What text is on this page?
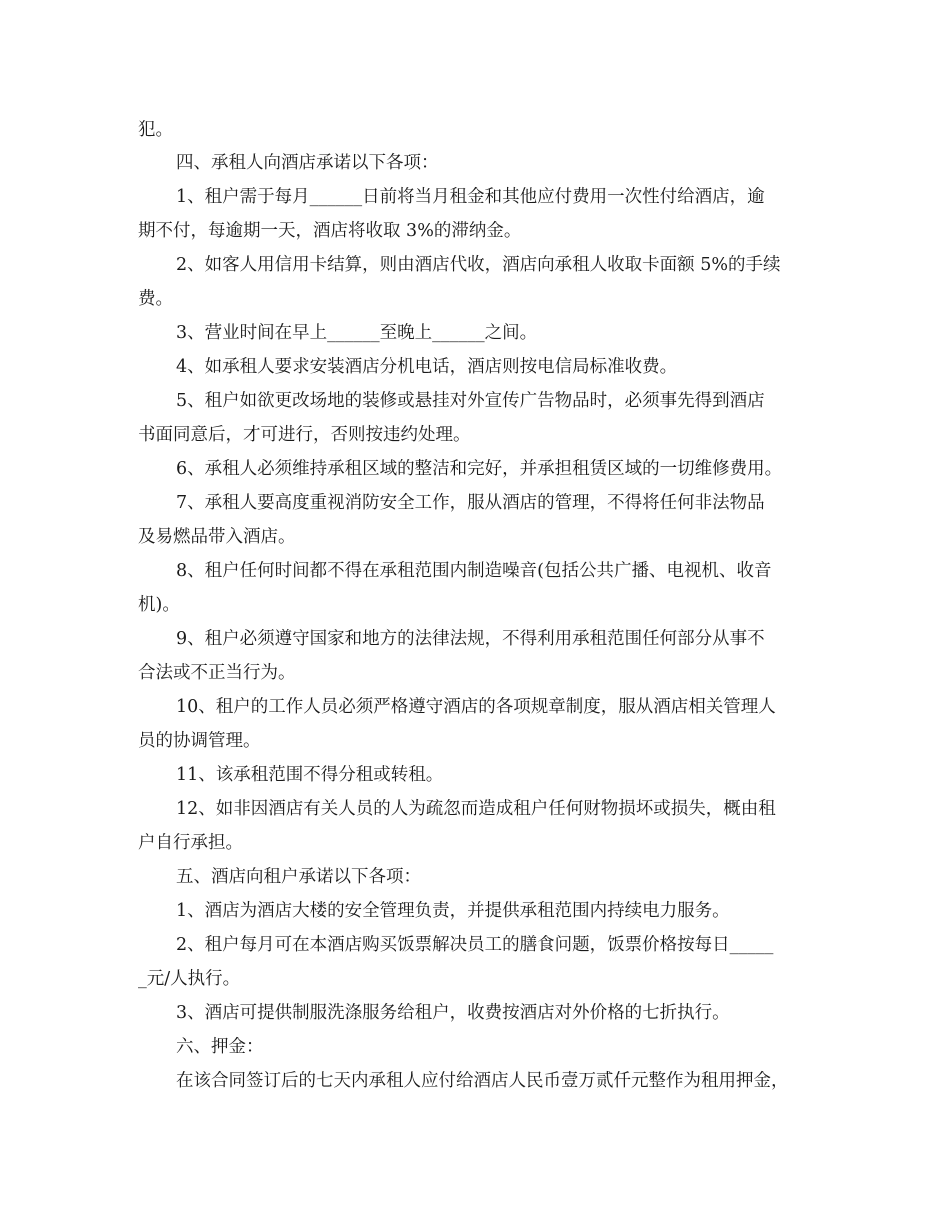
犯。
四、承租人向酒店承诺以下各项：
1、租户需于每月______日前将当月租金和其他应付费用一次性付给酒店，逾
期不付，每逾期一天，酒店将收取 3%的滞纳金。
2、如客人用信用卡结算，则由酒店代收，酒店向承租人收取卡面额 5%的手续
费。
3、营业时间在早上______至晚上______之间。
4、如承租人要求安装酒店分机电话，酒店则按电信局标准收费。
5、租户如欲更改场地的装修或悬挂对外宣传广告物品时，必须事先得到酒店
书面同意后，才可进行，否则按违约处理。
6、承租人必须维持承租区域的整洁和完好，并承担租赁区域的一切维修费用。
7、承租人要高度重视消防安全工作，服从酒店的管理，不得将任何非法物品
及易燃品带入酒店。
8、租户任何时间都不得在承租范围内制造噪音(包括公共广播、电视机、收音
机)。
9、租户必须遵守国家和地方的法律法规，不得利用承租范围任何部分从事不
合法或不正当行为。
10、租户的工作人员必须严格遵守酒店的各项规章制度，服从酒店相关管理人
员的协调管理。
11、该承租范围不得分租或转租。
12、如非因酒店有关人员的人为疏忽而造成租户任何财物损坏或损失，概由租
户自行承担。
五、酒店向租户承诺以下各项：
1、酒店为酒店大楼的安全管理负责，并提供承租范围内持续电力服务。
2、租户每月可在本酒店购买饭票解决员工的膳食问题，饭票价格按每日_____
_元/人执行。
3、酒店可提供制服洗涤服务给租户，收费按酒店对外价格的七折执行。
六、押金：
在该合同签订后的七天内承租人应付给酒店人民币壹万贰仟元整作为租用押金，
